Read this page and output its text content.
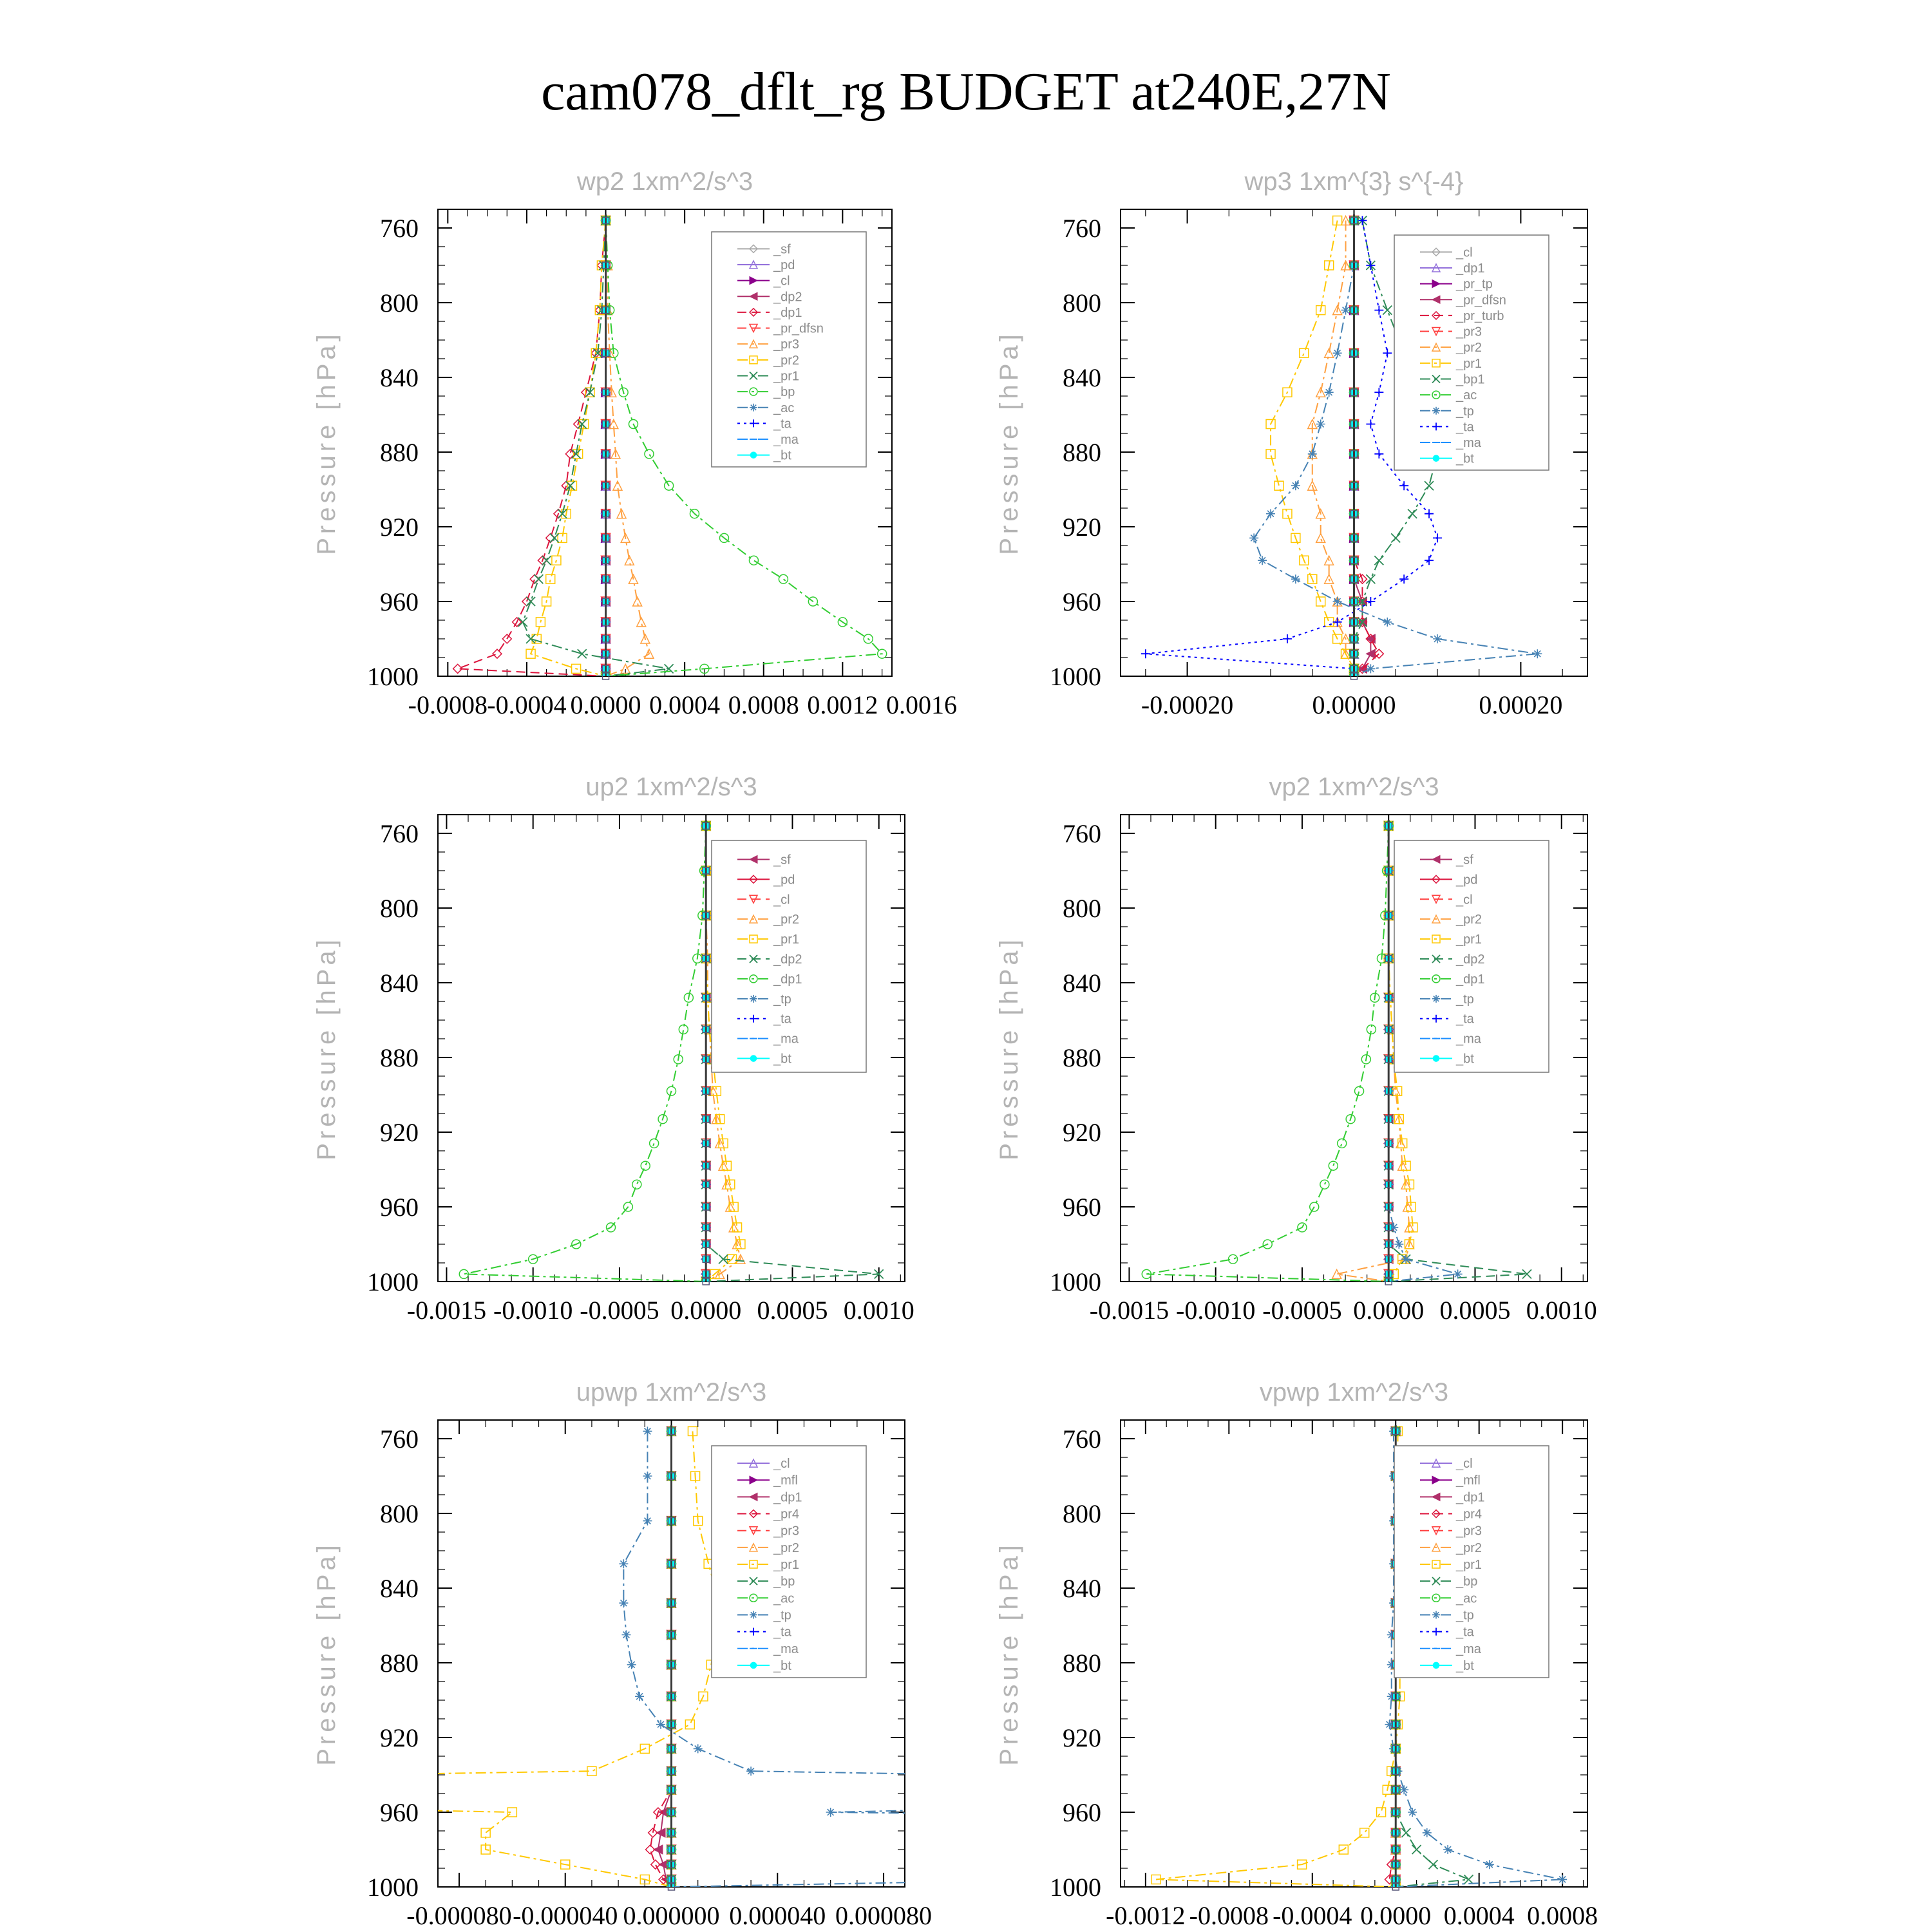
cam078_dflt_rg BUDGET at240E,27N
wp2 1xm^2/s^3
Pressure [hPa]
760
800
840
880
920
960
1000
-0.0008 -0.0004 0.0000 0.0004 0.0008 0.0012 0.0016
_sf
_pd
_cl
_dp2
_dp1
_pr_dfsn
_pr3
_pr2
_pr1
_bp
_ac
_ta
_ma
_bt
wp3 1xm^{3} s^{-4}
Pressure [hPa]
760
800
840
880
920
960
1000
-0.00020	0.00000	0.00020
_cl
_dp1
_pr_tp
_pr_dfsn
_pr_turb
_pr3
_pr2
_pr1
_bp1
_ac
_tp
_ta
_ma
_bt
up2 1xm^2/s^3
Pressure [hPa]
760
800
840
880
920
960
1000
-0.0015 -0.0010 -0.0005 0.0000 0.0005 0.0010
_sf
_pd
_cl
_pr2
_pr1
_dp2
_dp1
_tp
_ta
_ma
_bt
vp2 1xm^2/s^3
Pressure [hPa]
760
800
840
880
920
960
1000
-0.0015 -0.0010 -0.0005 0.0000 0.0005 0.0010
_sf
_pd
_cl
_pr2
_pr1
_dp2
_dp1
_tp
_ta
_ma
_bt
upwp 1xm^2/s^3
Pressure [hPa]
760
800
840
880
920
960
1000
-0.000080 -0.000040 0.000000 0.000040 0.000080
_cl
_mfl
_dp1
_pr4
_pr3
_pr2
_pr1
_bp
_ac
_tp
_ta
_ma
_bt
vpwp 1xm^2/s^3
Pressure [hPa]
760
800
840
880
920
960
1000
-0.0012 -0.0008 -0.0004 0.0000 0.0004 0.0008
_cl
_mfl
_dp1
_pr4
_pr3
_pr2
_pr1
_bp
_ac
_tp
_ta
_ma
_bt
